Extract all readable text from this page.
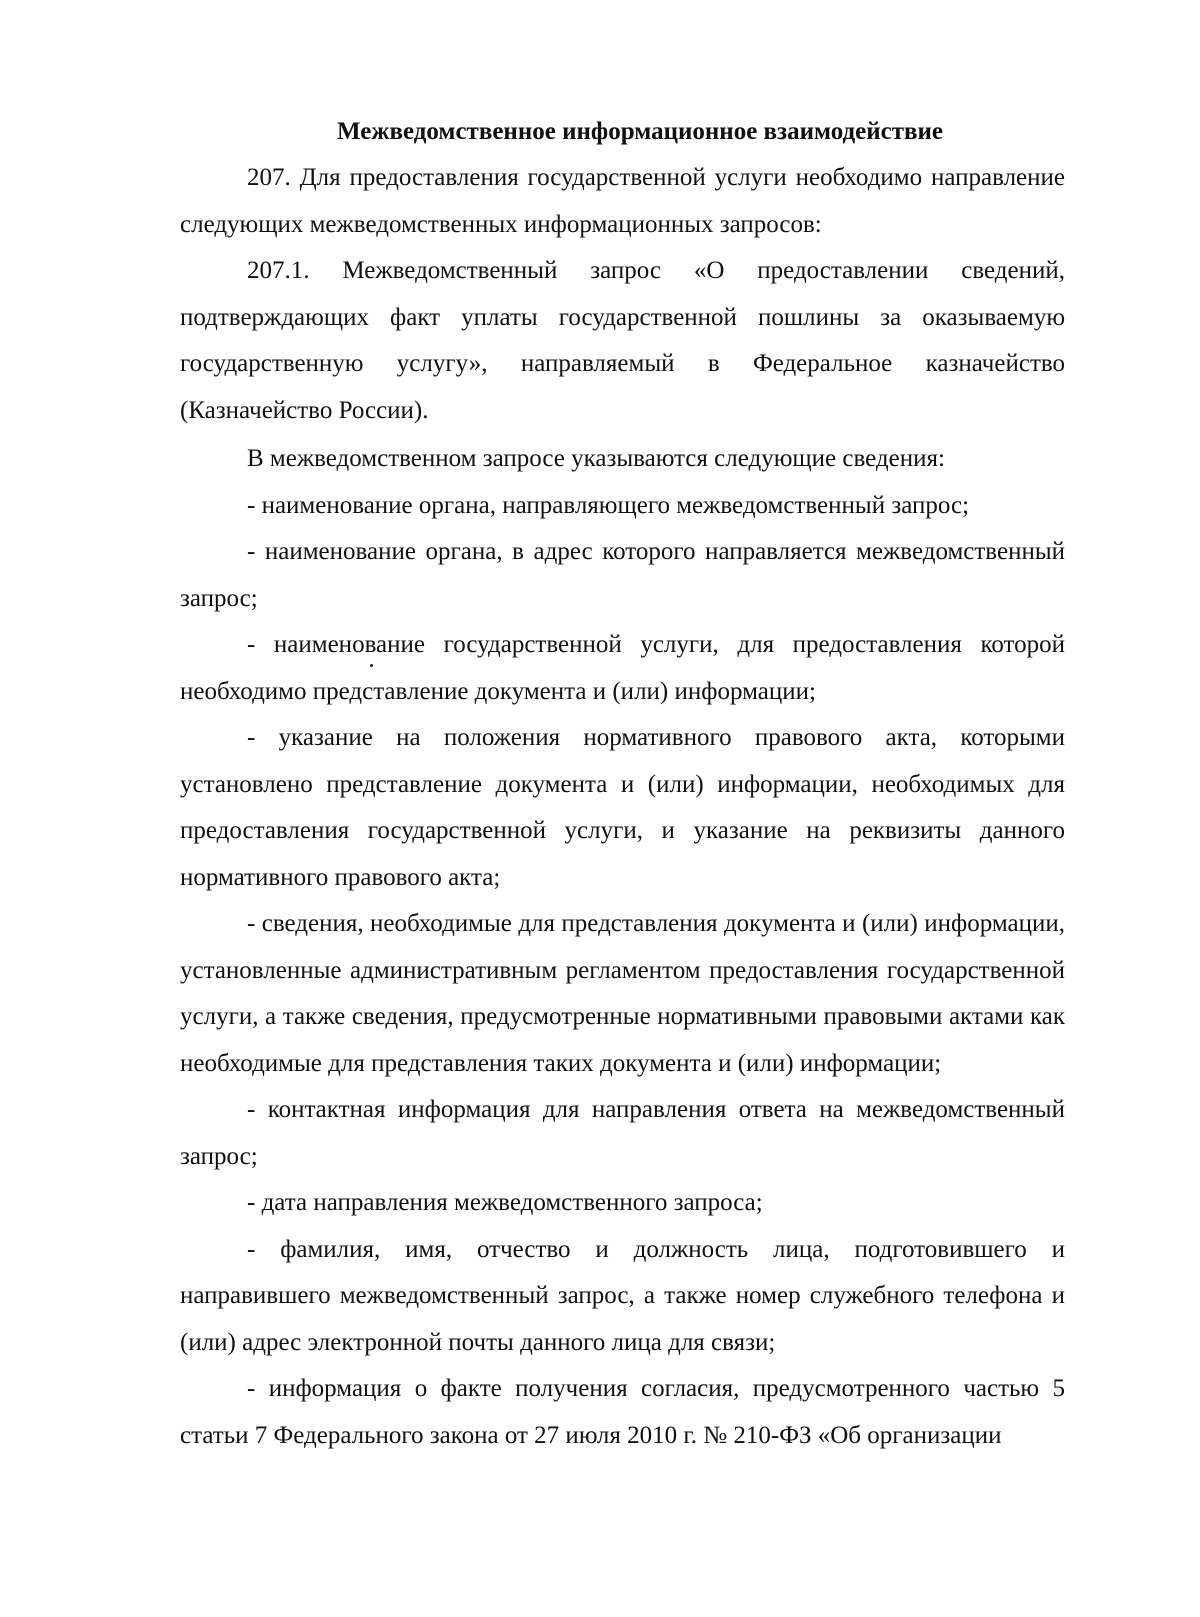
Межведомственное информационное взаимодействие

207. Для предоставления государственной услуги необходимо направление следующих межведомственных информационных запросов:

207.1. Межведомственный запрос «О предоставлении сведений, подтверждающих факт уплаты государственной пошлины за оказываемую государственную услугу», направляемый в Федеральное казначейство (Казначейство России).

В межведомственном запросе указываются следующие сведения:

- наименование органа, направляющего межведомственный запрос;

- наименование органа, в адрес которого направляется межведомственный запрос;

- наименование государственной услуги, для предоставления которой необходимо представление документа и (или) информации;

- указание на положения нормативного правового акта, которыми установлено представление документа и (или) информации, необходимых для предоставления государственной услуги, и указание на реквизиты данного нормативного правового акта;

- сведения, необходимые для представления документа и (или) информации, установленные административным регламентом предоставления государственной услуги, а также сведения, предусмотренные нормативными правовыми актами как необходимые для представления таких документа и (или) информации;

- контактная информация для направления ответа на межведомственный запрос;

- дата направления межведомственного запроса;

- фамилия, имя, отчество и должность лица, подготовившего и направившего межведомственный запрос, а также номер служебного телефона и (или) адрес электронной почты данного лица для связи;

- информация о факте получения согласия, предусмотренного частью 5 статьи 7 Федерального закона от 27 июля 2010 г. № 210-ФЗ «Об организации
